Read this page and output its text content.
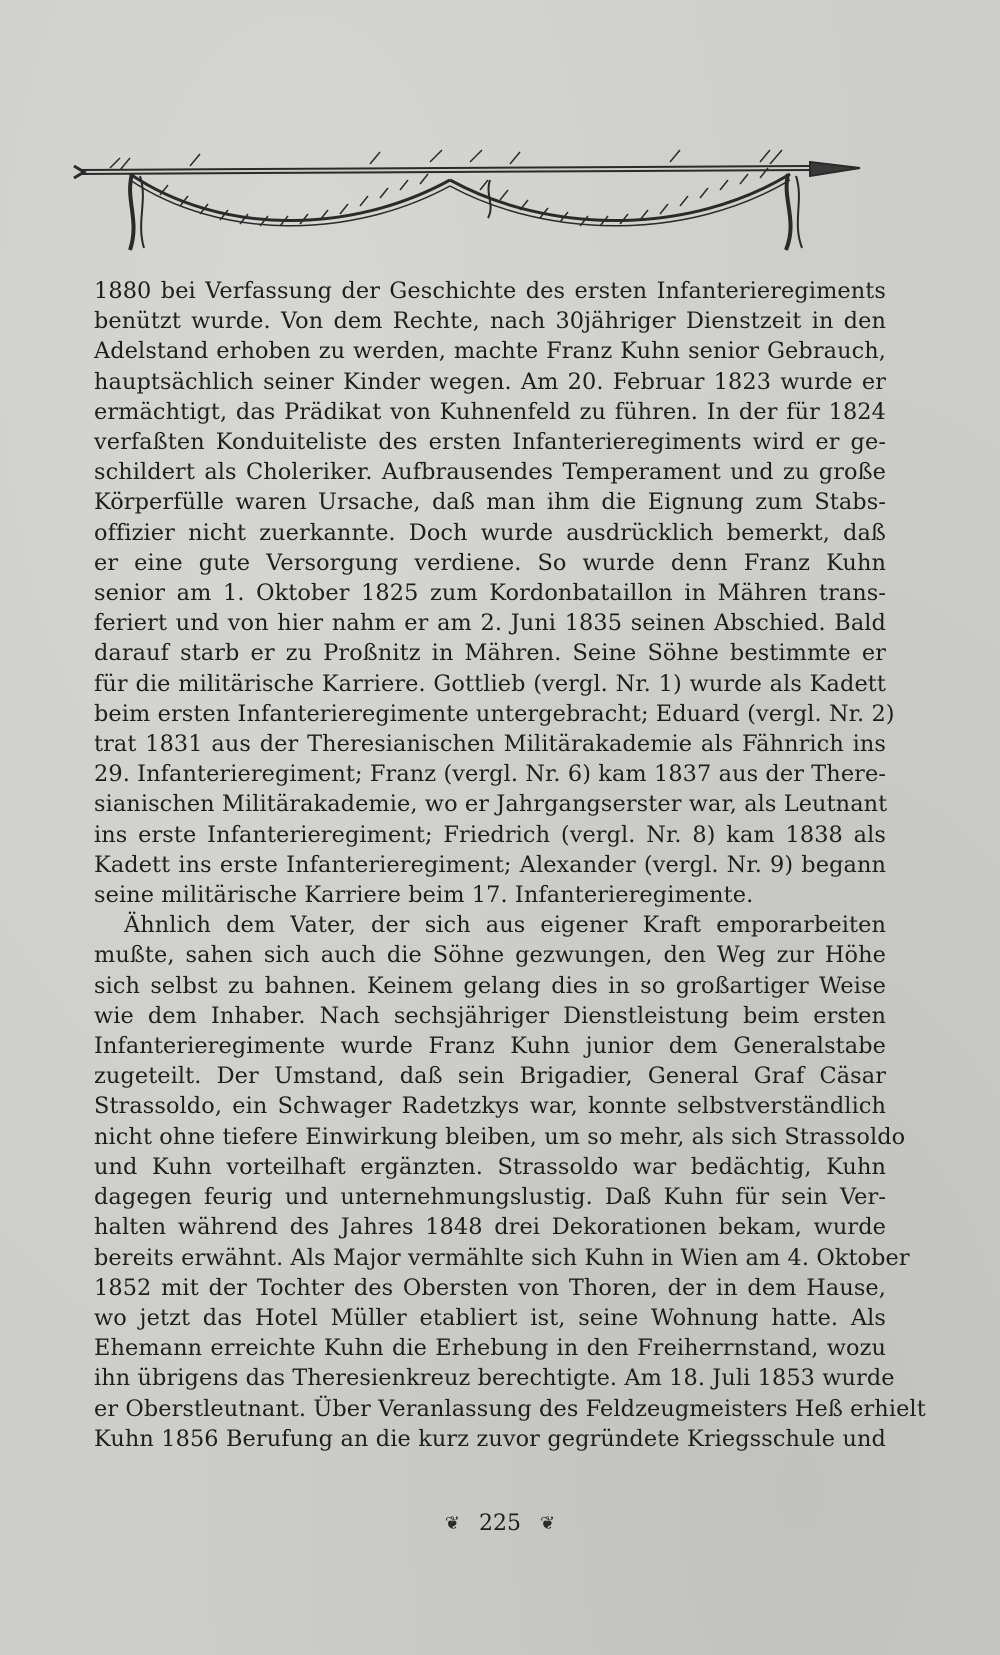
1880 bei Verfassung der Geschichte des ersten Infanterieregiments
benützt wurde. Von dem Rechte, nach 30jähriger Dienstzeit in den
Adelstand erhoben zu werden, machte Franz Kuhn senior Gebrauch,
hauptsächlich seiner Kinder wegen. Am 20. Februar 1823 wurde er
ermächtigt, das Prädikat von Kuhnenfeld zu führen. In der für 1824
verfaßten Konduiteliste des ersten Infanterieregiments wird er ge-
schildert als Choleriker. Aufbrausendes Temperament und zu große
Körperfülle waren Ursache, daß man ihm die Eignung zum Stabs-
offizier nicht zuerkannte. Doch wurde ausdrücklich bemerkt, daß
er eine gute Versorgung verdiene. So wurde denn Franz Kuhn
senior am 1. Oktober 1825 zum Kordonbataillon in Mähren trans-
feriert und von hier nahm er am 2. Juni 1835 seinen Abschied. Bald
darauf starb er zu Proßnitz in Mähren. Seine Söhne bestimmte er
für die militärische Karriere. Gottlieb (vergl. Nr. 1) wurde als Kadett
beim ersten Infanterieregimente untergebracht; Eduard (vergl. Nr. 2)
trat 1831 aus der Theresianischen Militärakademie als Fähnrich ins
29. Infanterieregiment; Franz (vergl. Nr. 6) kam 1837 aus der There-
sianischen Militärakademie, wo er Jahrgangserster war, als Leutnant
ins erste Infanterieregiment; Friedrich (vergl. Nr. 8) kam 1838 als
Kadett ins erste Infanterieregiment; Alexander (vergl. Nr. 9) begann
seine militärische Karriere beim 17. Infanterieregimente.
Ähnlich dem Vater, der sich aus eigener Kraft emporarbeiten
mußte, sahen sich auch die Söhne gezwungen, den Weg zur Höhe
sich selbst zu bahnen. Keinem gelang dies in so großartiger Weise
wie dem Inhaber. Nach sechsjähriger Dienstleistung beim ersten
Infanterieregimente wurde Franz Kuhn junior dem Generalstabe
zugeteilt. Der Umstand, daß sein Brigadier, General Graf Cäsar
Strassoldo, ein Schwager Radetzkys war, konnte selbstverständlich
nicht ohne tiefere Einwirkung bleiben, um so mehr, als sich Strassoldo
und Kuhn vorteilhaft ergänzten. Strassoldo war bedächtig, Kuhn
dagegen feurig und unternehmungslustig. Daß Kuhn für sein Ver-
halten während des Jahres 1848 drei Dekorationen bekam, wurde
bereits erwähnt. Als Major vermählte sich Kuhn in Wien am 4. Oktober
1852 mit der Tochter des Obersten von Thoren, der in dem Hause,
wo jetzt das Hotel Müller etabliert ist, seine Wohnung hatte. Als
Ehemann erreichte Kuhn die Erhebung in den Freiherrnstand, wozu
ihn übrigens das Theresienkreuz berechtigte. Am 18. Juli 1853 wurde
er Oberstleutnant. Über Veranlassung des Feldzeugmeisters Heß erhielt
Kuhn 1856 Berufung an die kurz zuvor gegründete Kriegsschule und
❦ 225 ❦
